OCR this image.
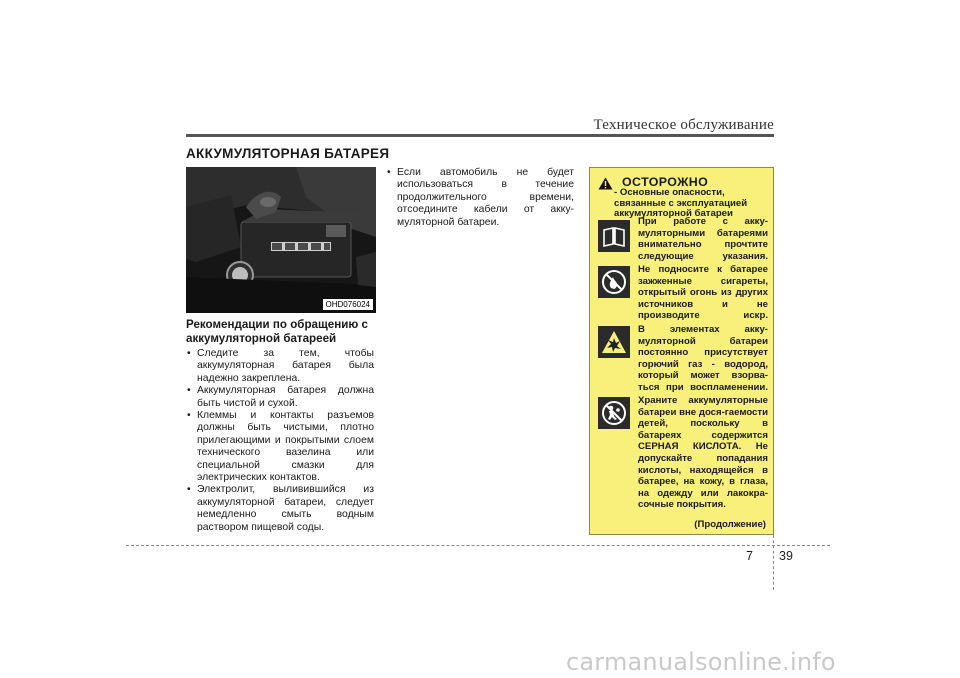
Техническое обслуживание
АККУМУЛЯТОРНАЯ БАТАРЕЯ
OHD076024
Рекомендации по обращению с аккумуляторной батареей
• Следите за тем, чтобы аккумуляторная батарея была надежно закреплена.
• Аккумуляторная батарея должна быть чистой и сухой.
• Клеммы и контакты разъемов должны быть чистыми, плотно прилегающими и покрытыми слоем технического вазелина или специальной смазки для электрических контактов.
• Электролит, выливившийся из аккумуляторной батареи, следует немедленно смыть водным раствором пищевой соды.
• Если автомобиль не будет использоваться в течение продолжительного времени, отсоедините кабели от акку-муляторной батареи.
ОСТОРОЖНО
- Основные опасности, связанные с эксплуатацией аккумуляторной батареи
При работе с акку-муляторными батареями внимательно прочтите следующие указания.
Не подносите к батарее зажженные сигареты, открытый огонь из других источников и не производите искр.
В элементах акку-муляторной батареи постоянно присутствует горючий газ - водород, который может взорва-ться при воспламенении.
Храните аккумуляторные батареи вне дося-гаемости детей, поскольку в батареях содержится СЕРНАЯ КИСЛОТА. Не допускайте попадания кислоты, находящейся в батарее, на кожу, в глаза, на одежду или лакокра-сочные покрытия.
(Продолжение)
7 39
carmanualsonline.info
